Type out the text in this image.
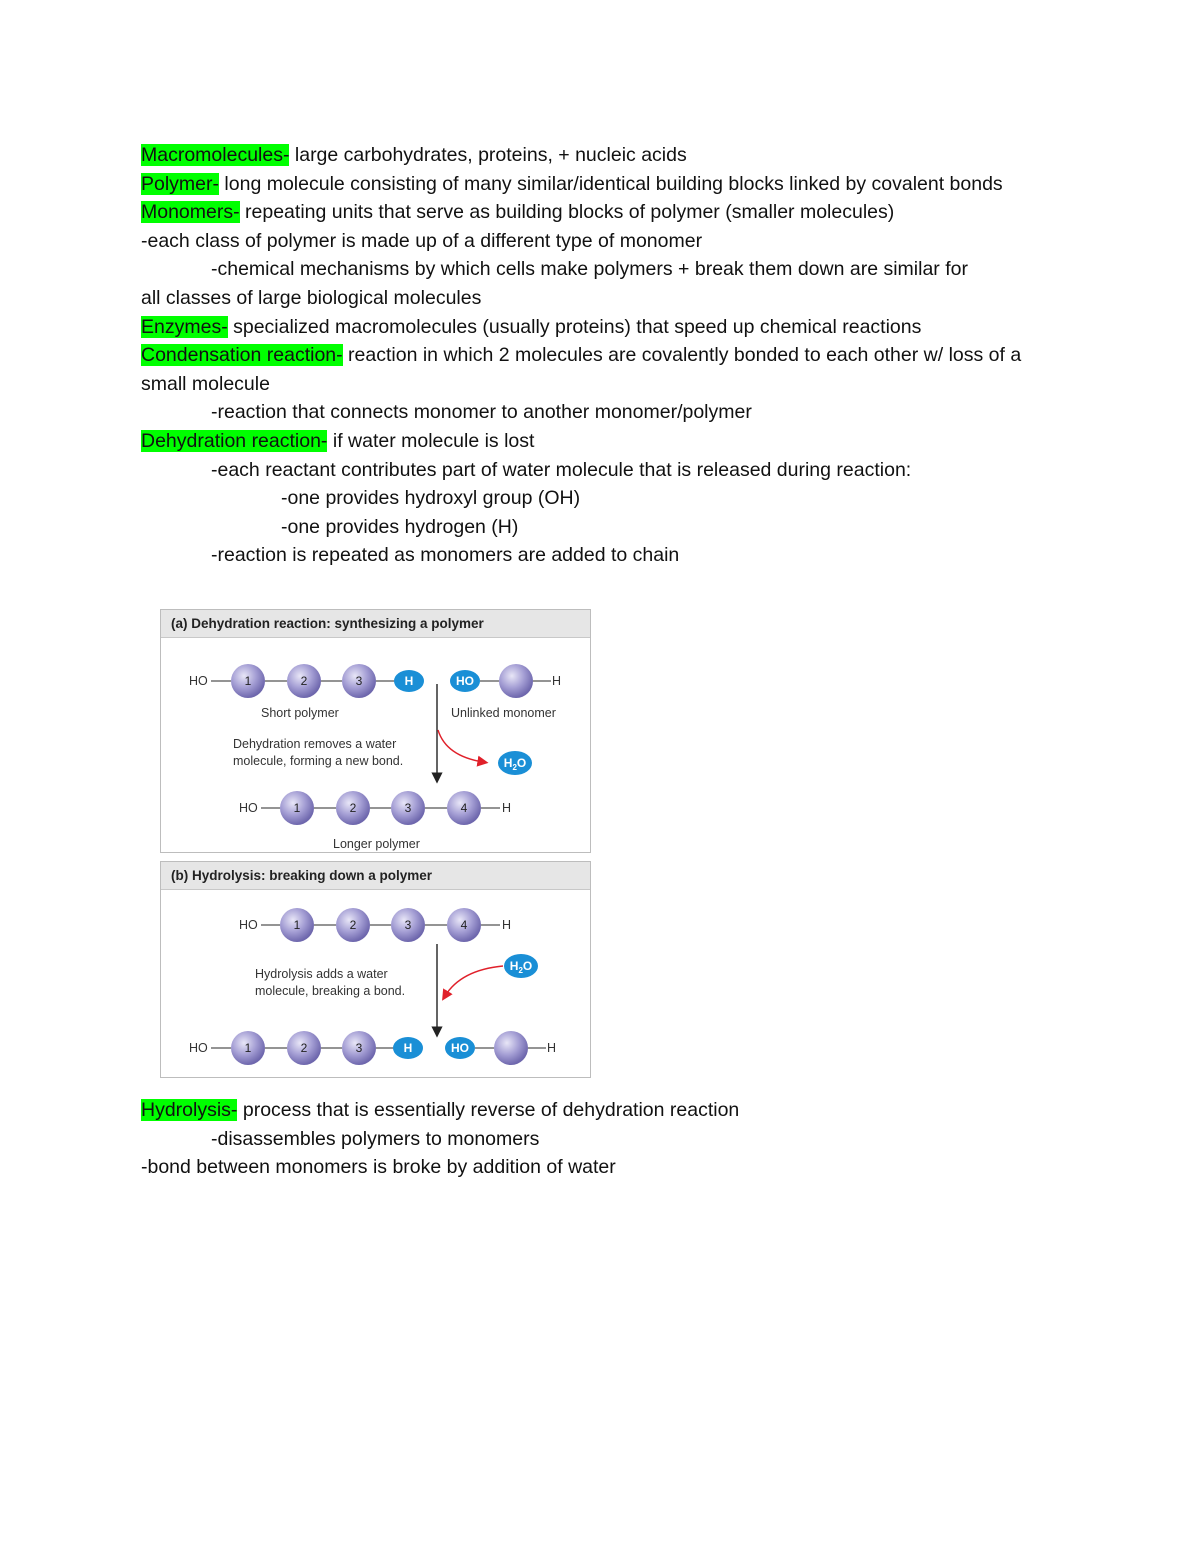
Macromolecules- large carbohydrates, proteins, + nucleic acids

Polymer- long molecule consisting of many similar/identical building blocks linked by covalent bonds

Monomers- repeating units that serve as building blocks of polymer (smaller molecules)

-each class of polymer is made up of a different type of monomer

-chemical mechanisms by which cells make polymers + break them down are similar for

all classes of large biological molecules

Enzymes- specialized macromolecules (usually proteins) that speed up chemical reactions

Condensation reaction- reaction in which 2 molecules are covalently bonded to each other w/ loss of a small molecule

-reaction that connects monomer to another monomer/polymer

Dehydration reaction- if water molecule is lost

-each reactant contributes part of water molecule that is released during reaction:

-one provides hydroxyl group (OH)

-one provides hydrogen (H)

-reaction is repeated as monomers are added to chain

(a) Dehydration reaction: synthesizing a polymer
HO	1	2	3	H	HO	H
Short polymer	Unlinked monomer
Dehydration removes a water
molecule, forming a new bond.	$H_2O$
HO	1	2	3	4	H
Longer polymer
(b) Hydrolysis: breaking down a polymer
HO	1	2	3	4	H
$H_2O$
Hydrolysis adds a water
molecule, breaking a bond.
HO	1	2	3	H	HO	H

Hydrolysis- process that is essentially reverse of dehydration reaction

-disassembles polymers to monomers

-bond between monomers is broke by addition of water
